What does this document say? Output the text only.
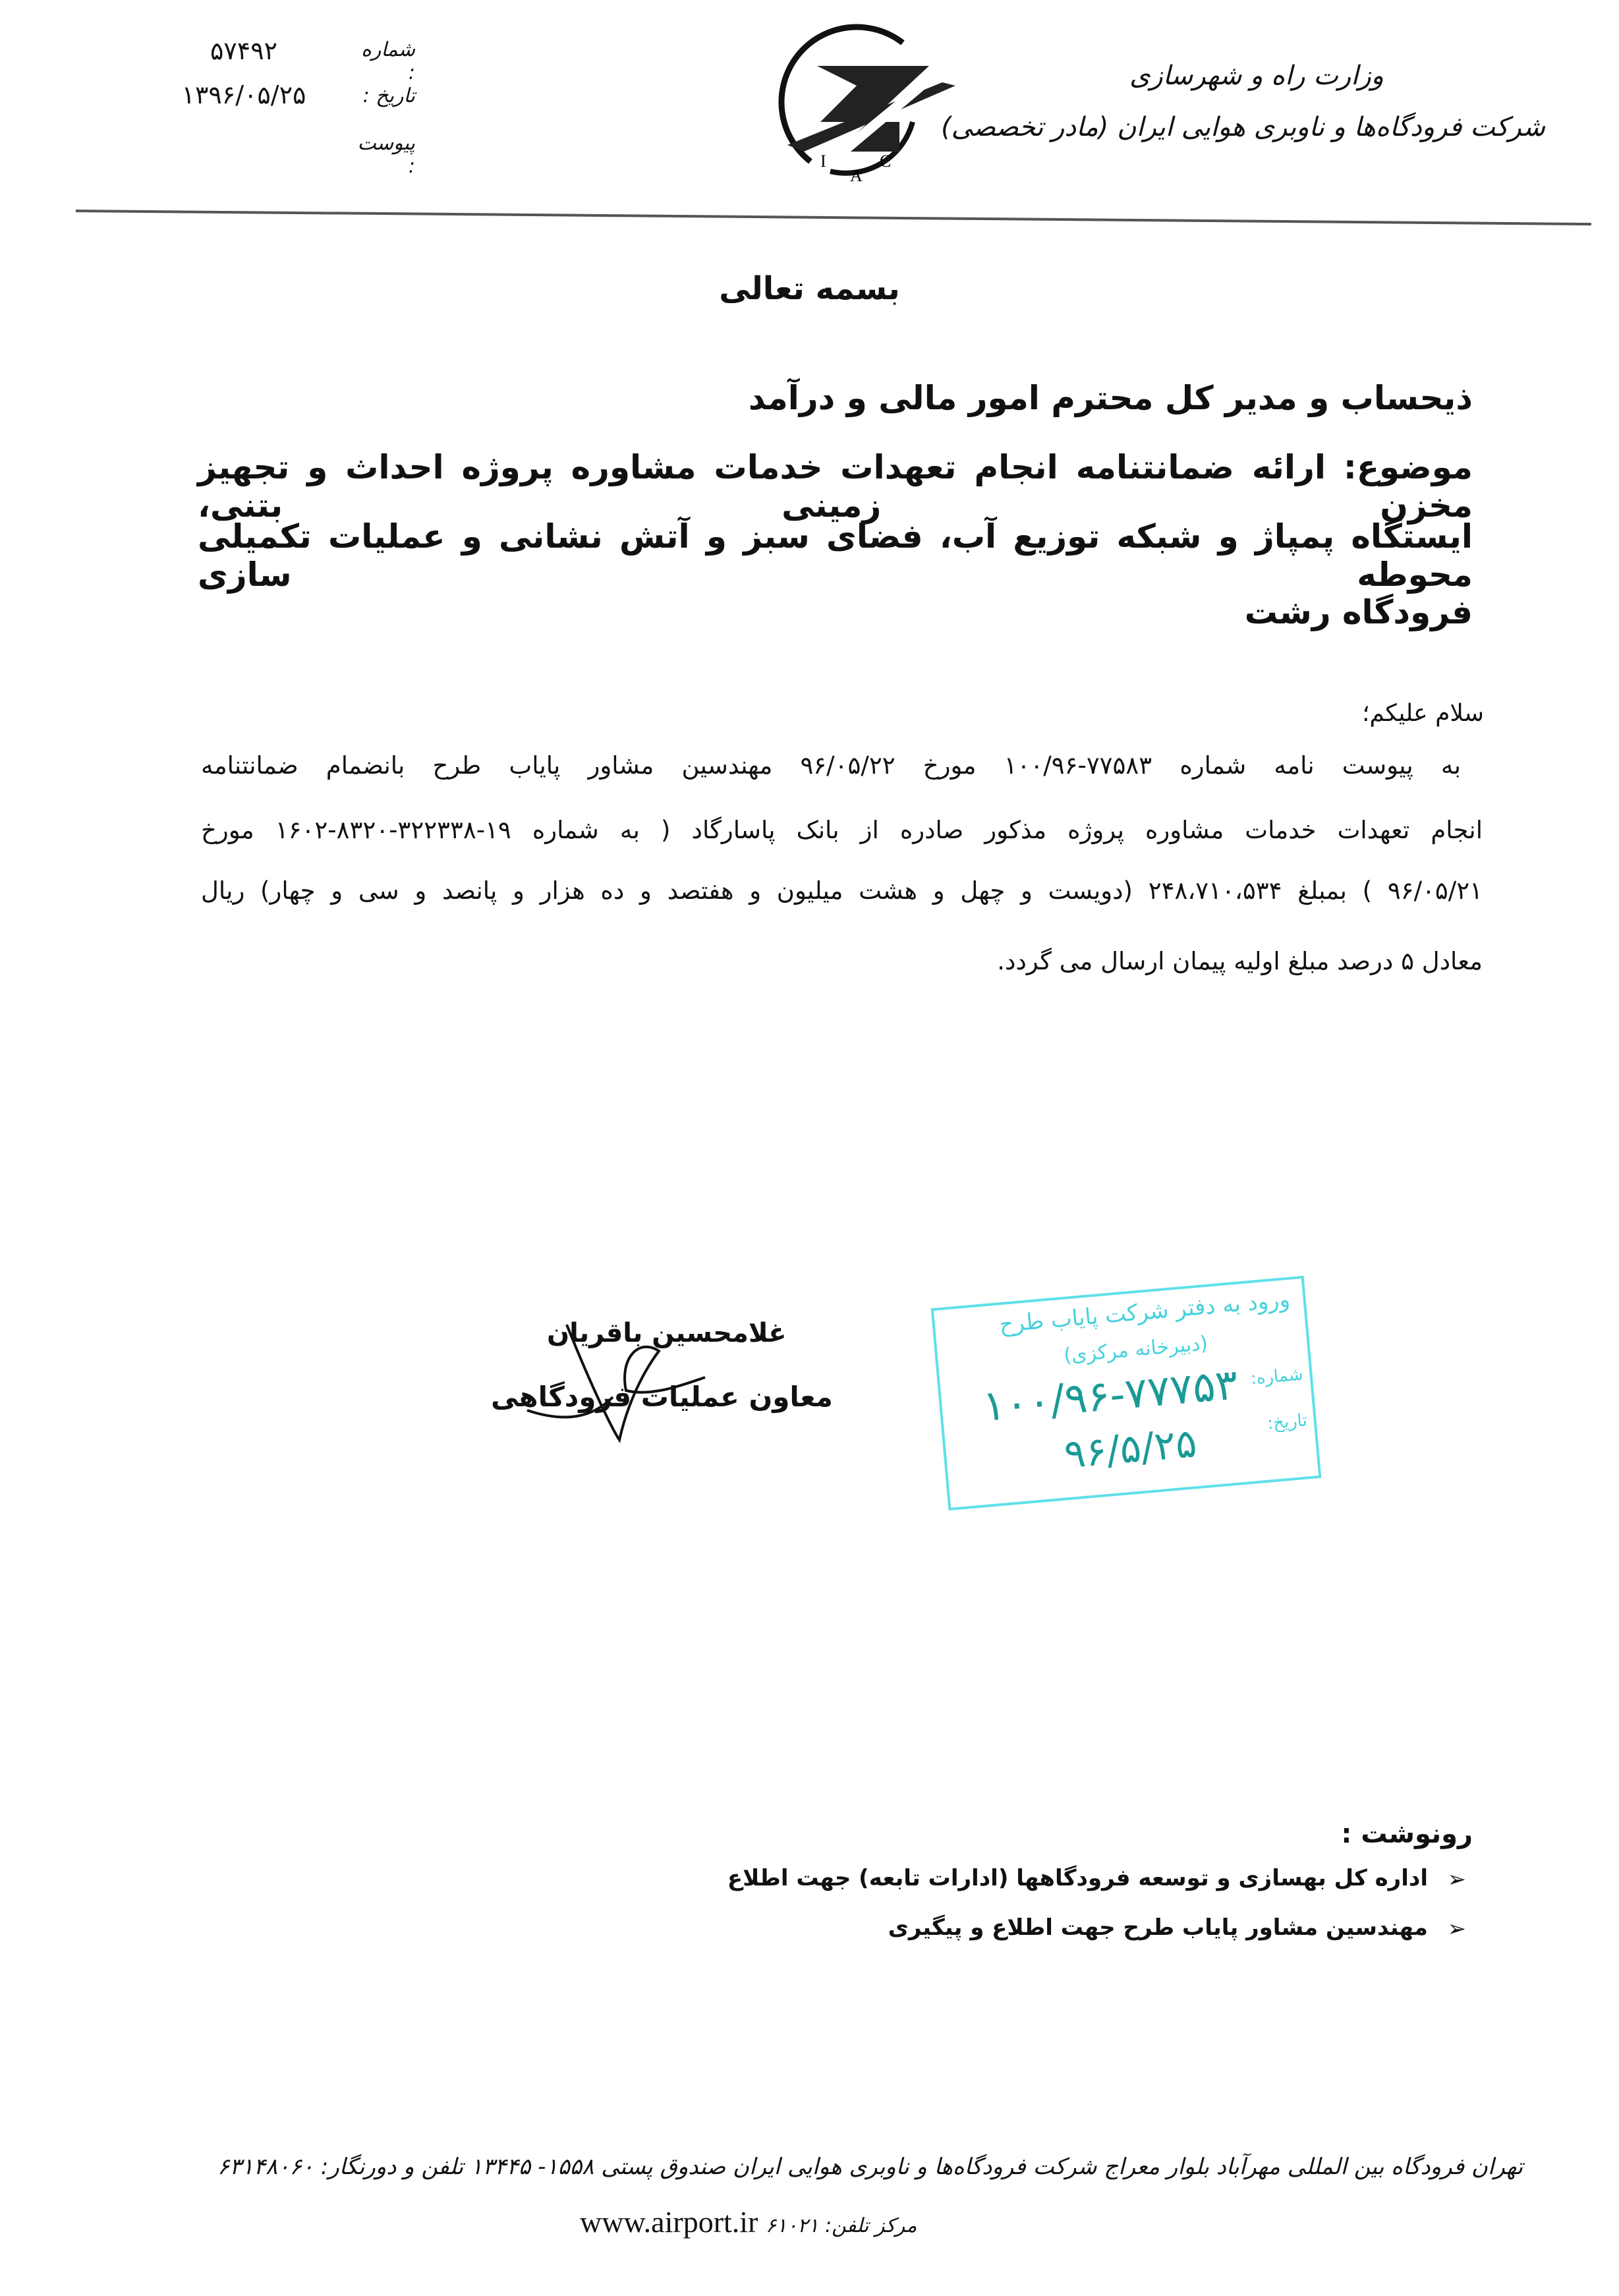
وزارت راه و شهرسازی
شرکت فرودگاه‌ها و ناوبری هوایی ایران (مادر تخصصی)
I
A
C
شماره :
۵۷۴۹۲
تاریخ :
۱۳۹۶/۰۵/۲۵
پیوست :
بسمه تعالی
ذیحساب و مدیر کل محترم امور مالی و درآمد
موضوع: ارائه ضمانتنامه انجام تعهدات خدمات مشاوره پروژه احداث و تجهیز مخزن زمینی بتنی،
ایستگاه پمپاژ و شبکه توزیع آب، فضای سبز و آتش نشانی و عملیات تکمیلی محوطه سازی
فرودگاه رشت
سلام علیکم؛
به پیوست نامه شماره ۷۷۵۸۳-۱۰۰/۹۶ مورخ ۹۶/۰۵/۲۲ مهندسین مشاور پایاب طرح بانضمام ضمانتنامه
انجام تعهدات خدمات مشاوره پروژه مذکور صادره از بانک پاسارگاد ( به شماره ۱۹-۳۲۲۳۳۸-۸۳۲۰-۱۶۰۲ مورخ
۹۶/۰۵/۲۱ ) بمبلغ ۲۴۸،۷۱۰،۵۳۴ (دویست و چهل و هشت میلیون و هفتصد و ده هزار و پانصد و سی و چهار) ریال
معادل ۵ درصد مبلغ اولیه پیمان ارسال می گردد.
غلامحسین باقریان
معاون عملیات فرودگاهی
ورود به دفتر شرکت پایاب طرح
(دبیرخانه مرکزی)
شماره:
۱۰۰/۹۶-۷۷۷۵۳ تاریخ:
۹۶/۵/۲۵
رونوشت :
➢
اداره کل بهسازی و توسعه فرودگاهها (ادارات تابعه) جهت اطلاع
➢
مهندسین مشاور پایاب طرح جهت اطلاع و پیگیری
تهران فرودگاه بین المللی مهرآباد بلوار معراج شرکت فرودگاه‌ها و ناوبری هوایی ایران صندوق پستی ۱۵۵۸- ۱۳۴۴۵ تلفن و دورنگار: ۶۳۱۴۸۰۶۰
www.airport.ir مرکز تلفن: ۶۱۰۲۱
